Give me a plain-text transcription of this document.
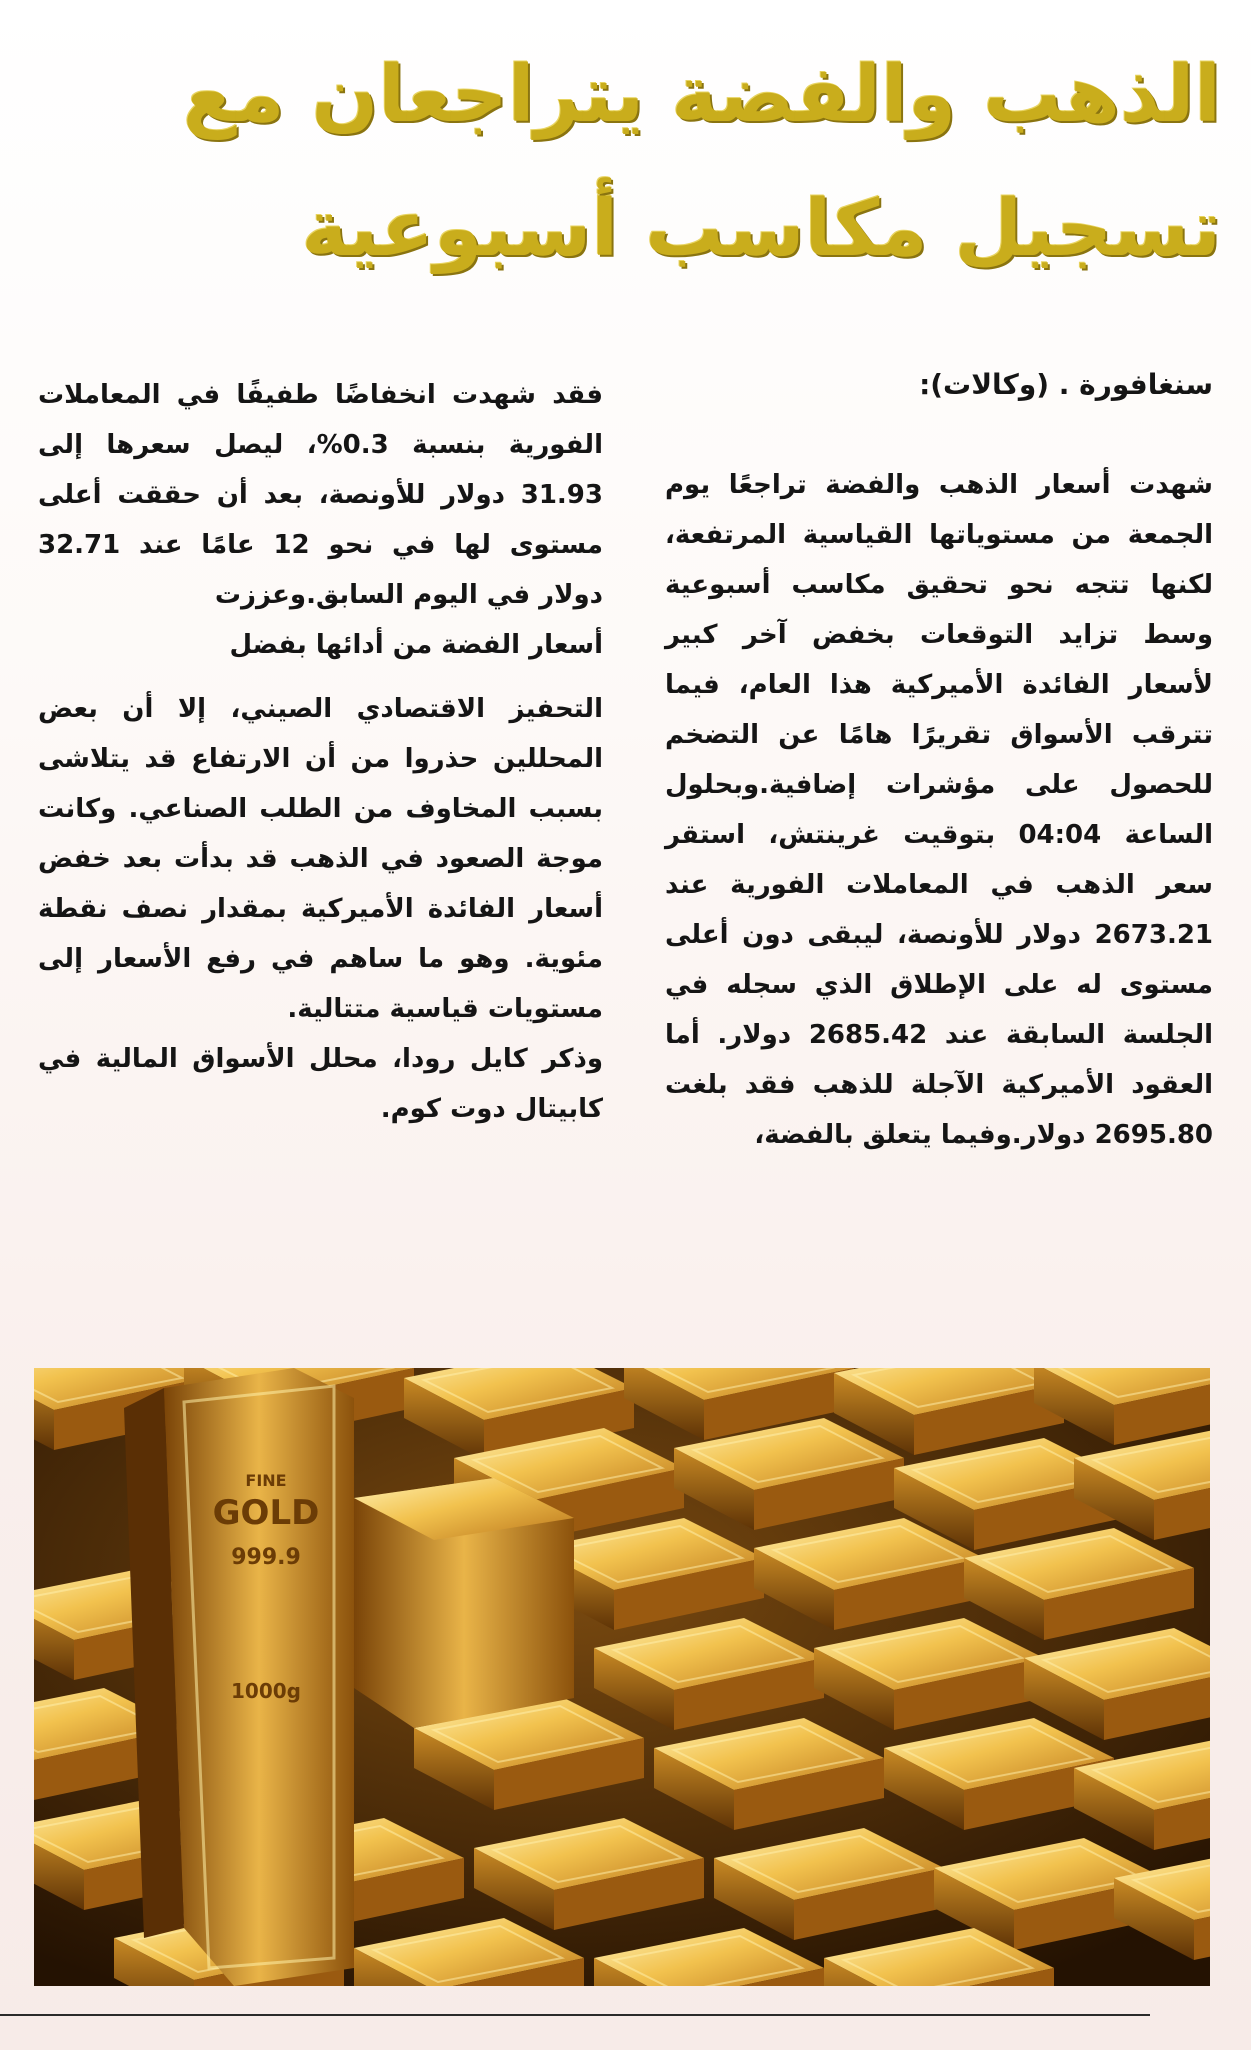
الذهب والفضة يتراجعان مع تسجيل مكاسب أسبوعية

سنغافورة . (وكالات):

شهدت أسعار الذهب والفضة تراجعًا يوم الجمعة من مستوياتها القياسية المرتفعة، لكنها تتجه نحو تحقيق مكاسب أسبوعية وسط تزايد التوقعات بخفض آخر كبير لأسعار الفائدة الأميركية هذا العام، فيما تترقب الأسواق تقريرًا هامًا عن التضخم للحصول على مؤشرات إضافية.وبحلول الساعة 04:04 بتوقيت غرينتش، استقر سعر الذهب في المعاملات الفورية عند 2673.21 دولار للأونصة، ليبقى دون أعلى مستوى له على الإطلاق الذي سجله في الجلسة السابقة عند 2685.42 دولار. أما العقود الأميركية الآجلة للذهب فقد بلغت 2695.80 دولار.وفيما يتعلق بالفضة،

فقد شهدت انخفاضًا طفيفًا في المعاملات الفورية بنسبة 0.3%، ليصل سعرها إلى 31.93 دولار للأونصة، بعد أن حققت أعلى مستوى لها في نحو 12 عامًا عند 32.71 دولار في اليوم السابق.وعززت

أسعار الفضة من أدائها بفضل

التحفيز الاقتصادي الصيني، إلا أن بعض المحللين حذروا من أن الارتفاع قد يتلاشى بسبب المخاوف من الطلب الصناعي. وكانت موجة الصعود في الذهب قد بدأت بعد خفض أسعار الفائدة الأميركية بمقدار نصف نقطة مئوية. وهو ما ساهم في رفع الأسعار إلى مستويات قياسية متتالية.

وذكر كايل رودا، محلل الأسواق المالية في كابيتال دوت كوم.

FINE
GOLD
999.9
1000g
